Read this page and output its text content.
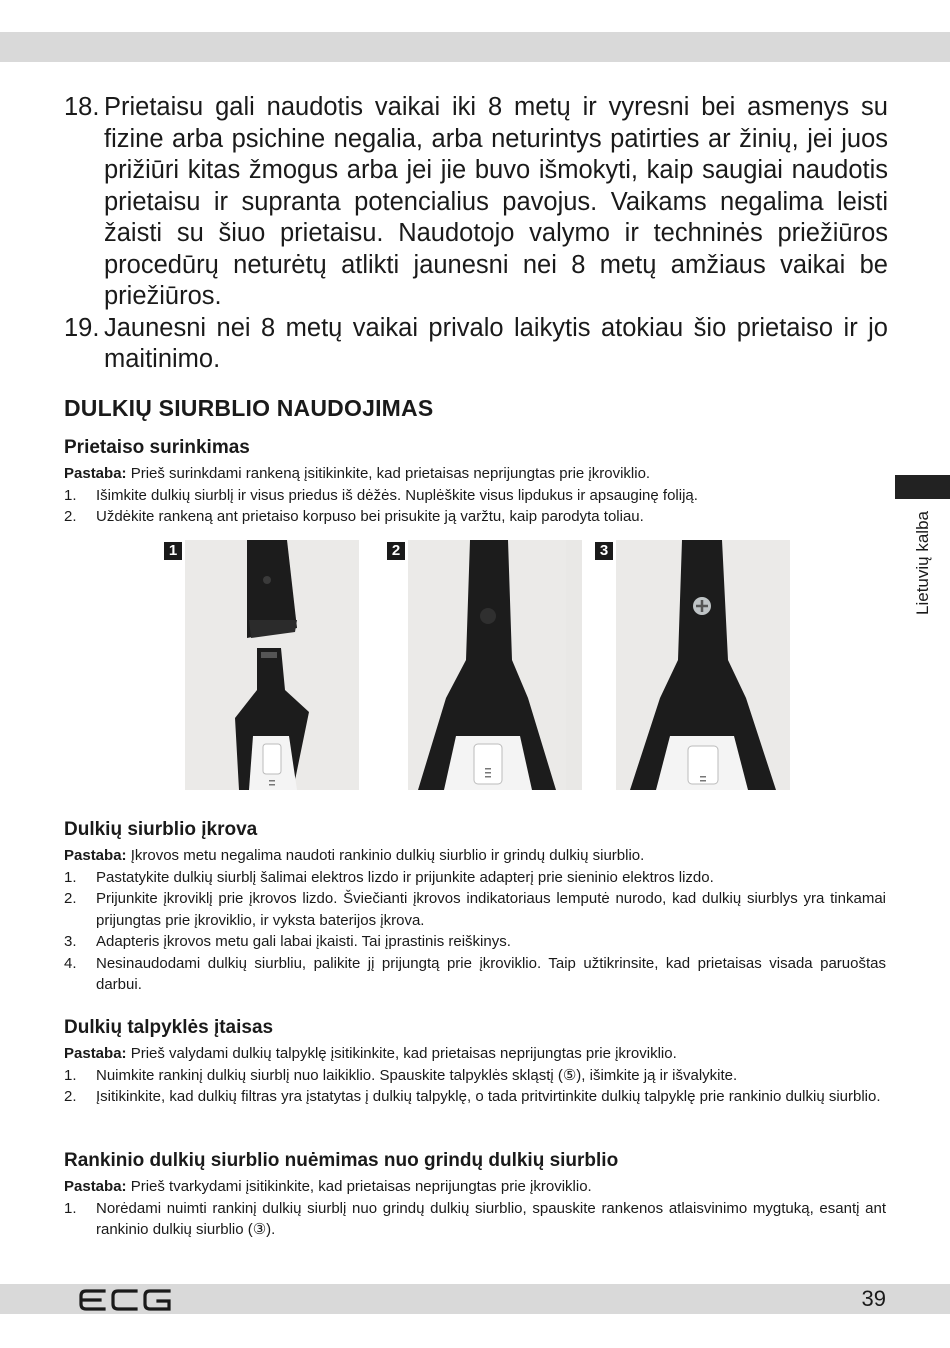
18. Prietaisu gali naudotis vaikai iki 8 metų ir vyresni bei asmenys su fizine arba psichine negalia, arba neturintys patirties ar žinių, jei juos prižiūri kitas žmogus arba jei jie buvo išmokyti, kaip saugiai naudotis prietaisu ir supranta potencialius pavojus. Vaikams negalima leisti žaisti su šiuo prietaisu. Naudotojo valymo ir techninės priežiūros procedūrų neturėtų atlikti jaunesni nei 8 metų amžiaus vaikai be priežiūros.
19. Jaunesni nei 8 metų vaikai privalo laikytis atokiau šio prietaiso ir jo maitinimo.
DULKIŲ SIURBLIO NAUDOJIMAS
Prietaiso surinkimas

Pastaba: Prieš surinkdami rankeną įsitikinkite, kad prietaisas neprijungtas prie įkroviklio.

1.	Išimkite dulkių siurblį ir visus priedus iš dėžės. Nuplėškite visus lipdukus ir apsauginę foliją.
2.	Uždėkite rankeną ant prietaiso korpuso bei prisukite ją varžtu, kaip parodyta toliau.
1	2	3
Dulkių siurblio įkrova

Pastaba: Įkrovos metu negalima naudoti rankinio dulkių siurblio ir grindų dulkių siurblio.

1.	Pastatykite dulkių siurblį šalimai elektros lizdo ir prijunkite adapterį prie sieninio elektros lizdo.
2.	Prijunkite įkroviklį prie įkrovos lizdo. Šviečianti įkrovos indikatoriaus lemputė nurodo, kad dulkių siurblys yra tinkamai prijungtas prie įkroviklio, ir vyksta baterijos įkrova.
3.	Adapteris įkrovos metu gali labai įkaisti. Tai įprastinis reiškinys.
4.	Nesinaudodami dulkių siurbliu, palikite jį prijungtą prie įkroviklio. Taip užtikrinsite, kad prietaisas visada paruoštas darbui.
Dulkių talpyklės įtaisas

Pastaba: Prieš valydami dulkių talpyklę įsitikinkite, kad prietaisas neprijungtas prie įkroviklio.

1.	Nuimkite rankinį dulkių siurblį nuo laikiklio. Spauskite talpyklės skląstį (⑤), išimkite ją ir išvalykite.
2.	Įsitikinkite, kad dulkių filtras yra įstatytas į dulkių talpyklę, o tada pritvirtinkite dulkių talpyklę prie rankinio dulkių siurblio.
Rankinio dulkių siurblio nuėmimas nuo grindų dulkių siurblio

Pastaba: Prieš tvarkydami įsitikinkite, kad prietaisas neprijungtas prie įkroviklio.

1.	Norėdami nuimti rankinį dulkių siurblį nuo grindų dulkių siurblio, spauskite rankenos atlaisvinimo mygtuką, esantį ant rankinio dulkių siurblio (③).
Lietuvių kalba
39
